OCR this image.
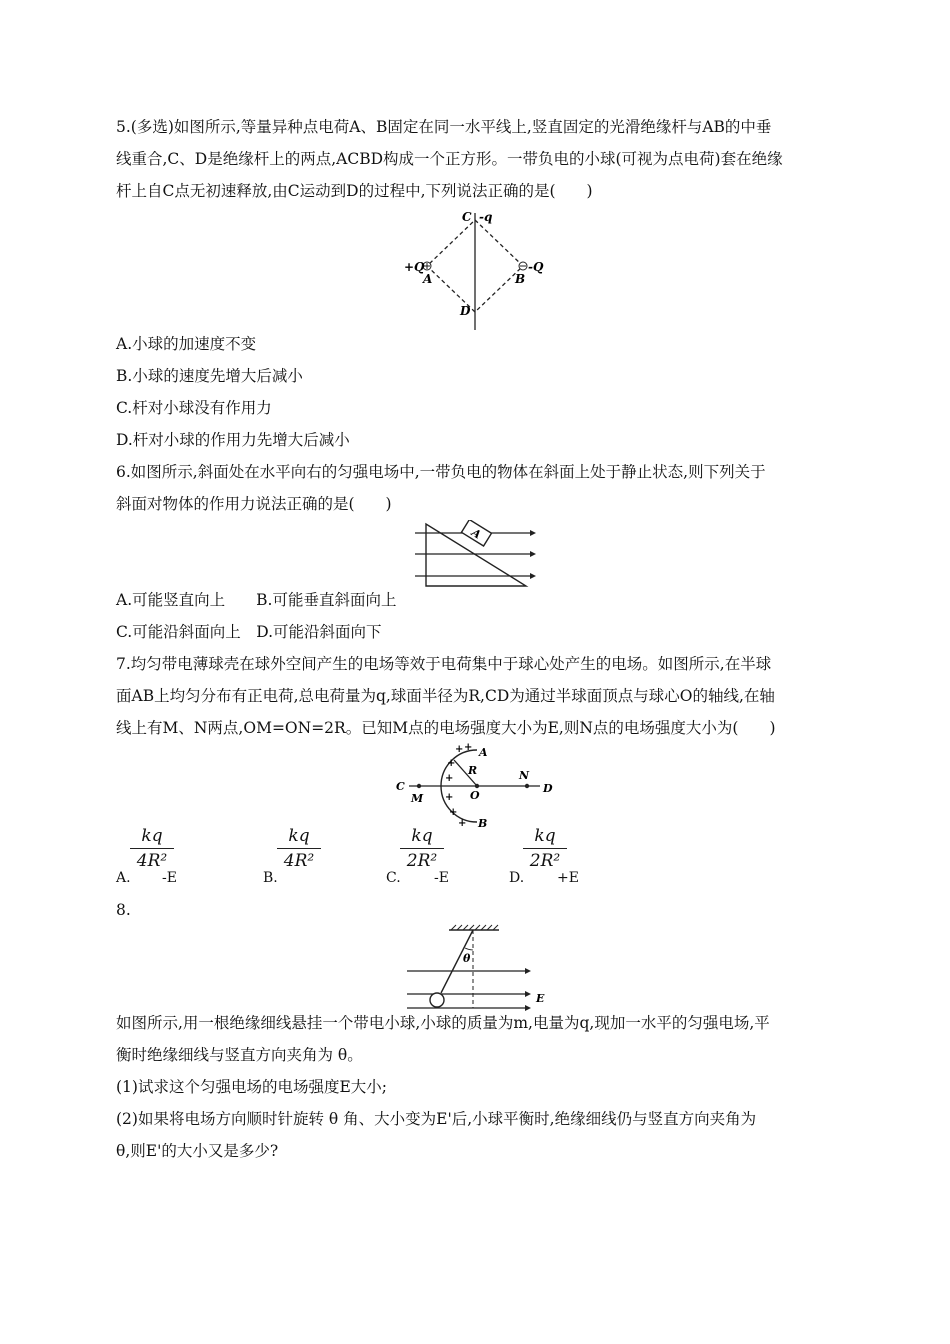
5.(多选)如图所示,等量异种点电荷A、B固定在同一水平线上,竖直固定的光滑绝缘杆与AB的中垂
线重合,C、D是绝缘杆上的两点,ACBD构成一个正方形。一带负电的小球(可视为点电荷)套在绝缘
杆上自C点无初速释放,由C运动到D的过程中,下列说法正确的是(　　)
C -q
+Q
A
-Q
B
D
A.小球的加速度不变
B.小球的速度先增大后减小
C.杆对小球没有作用力
D.杆对小球的作用力先增大后减小
6.如图所示,斜面处在水平向右的匀强电场中,一带负电的物体在斜面上处于静止状态,则下列关于
斜面对物体的作用力说法正确的是(　　)
A
A.可能竖直向上　　B.可能垂直斜面向上
C.可能沿斜面向上　D.可能沿斜面向下
7.均匀带电薄球壳在球外空间产生的电场等效于电荷集中于球心处产生的电场。如图所示,在半球
面AB上均匀分布有正电荷,总电荷量为q,球面半径为R,CD为通过半球面顶点与球心O的轴线,在轴
线上有M、N两点,OM=ON=2R。已知M点的电场强度大小为E,则N点的电场强度大小为(　　)
+ +
+
+
+
+
+
A
B
C	D
M
N
O
R
A.
kq
4R²
-E	B.
kq
4R²
C.
kq
2R²
-E	D.
kq
2R²
+E
8.
θ
E
如图所示,用一根绝缘细线悬挂一个带电小球,小球的质量为m,电量为q,现加一水平的匀强电场,平
衡时绝缘细线与竖直方向夹角为 θ。
(1)试求这个匀强电场的电场强度E大小;
(2)如果将电场方向顺时针旋转 θ 角、大小变为E'后,小球平衡时,绝缘细线仍与竖直方向夹角为
θ,则E'的大小又是多少?
